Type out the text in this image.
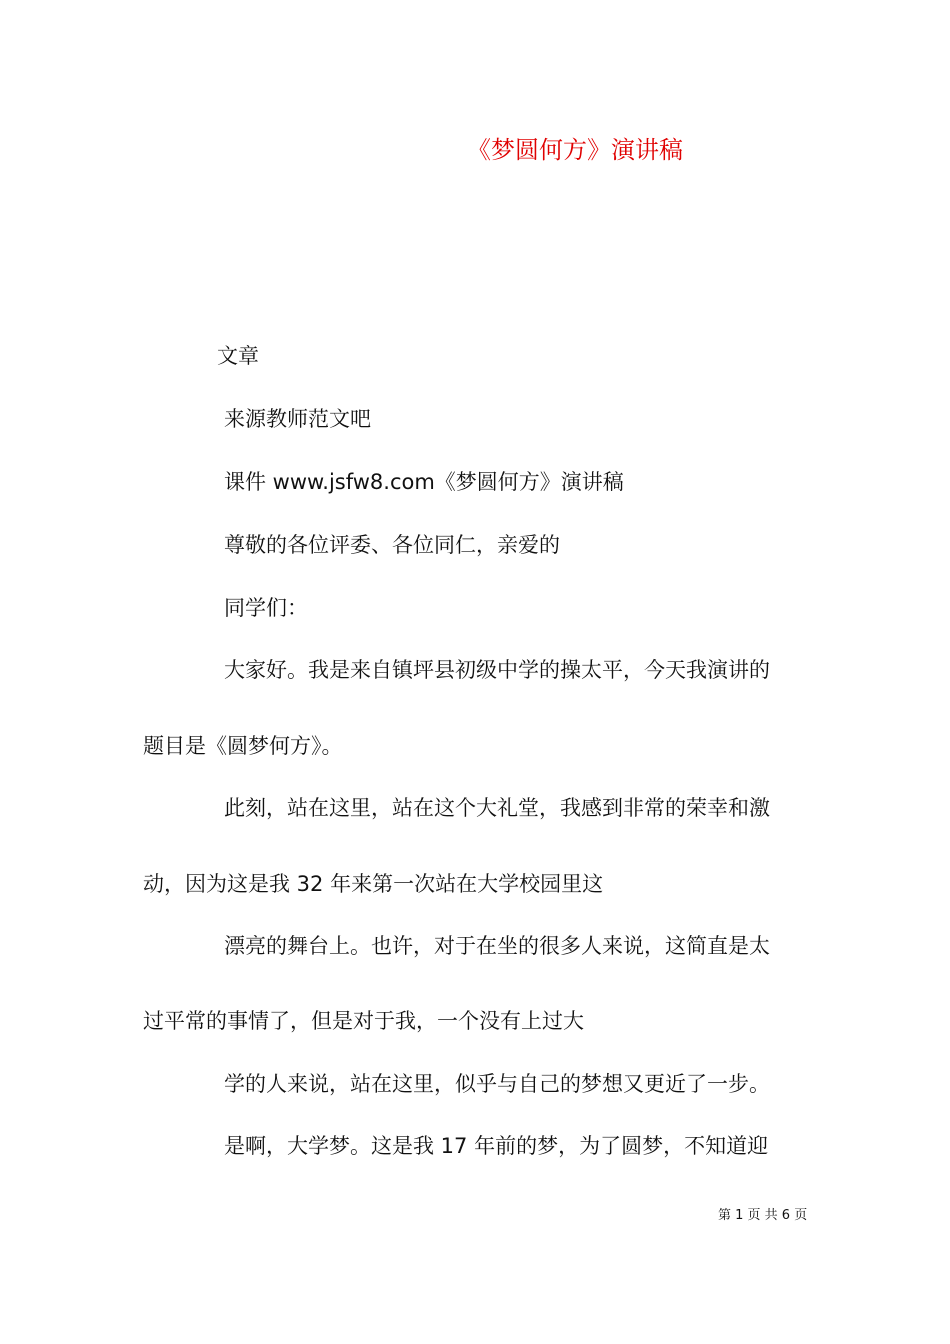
《梦圆何方》演讲稿
文章
来源教师范文吧
课件 www.jsfw8.com《梦圆何方》演讲稿
尊敬的各位评委、各位同仁，亲爱的
同学们：
大家好。我是来自镇坪县初级中学的操太平，今天我演讲的
题目是《圆梦何方》。
此刻，站在这里，站在这个大礼堂，我感到非常的荣幸和激
动，因为这是我 32 年来第一次站在大学校园里这
漂亮的舞台上。也许，对于在坐的很多人来说，这简直是太
过平常的事情了，但是对于我，一个没有上过大
学的人来说，站在这里，似乎与自己的梦想又更近了一步。
是啊，大学梦。这是我 17 年前的梦，为了圆梦，不知道迎
第 1 页 共 6 页
